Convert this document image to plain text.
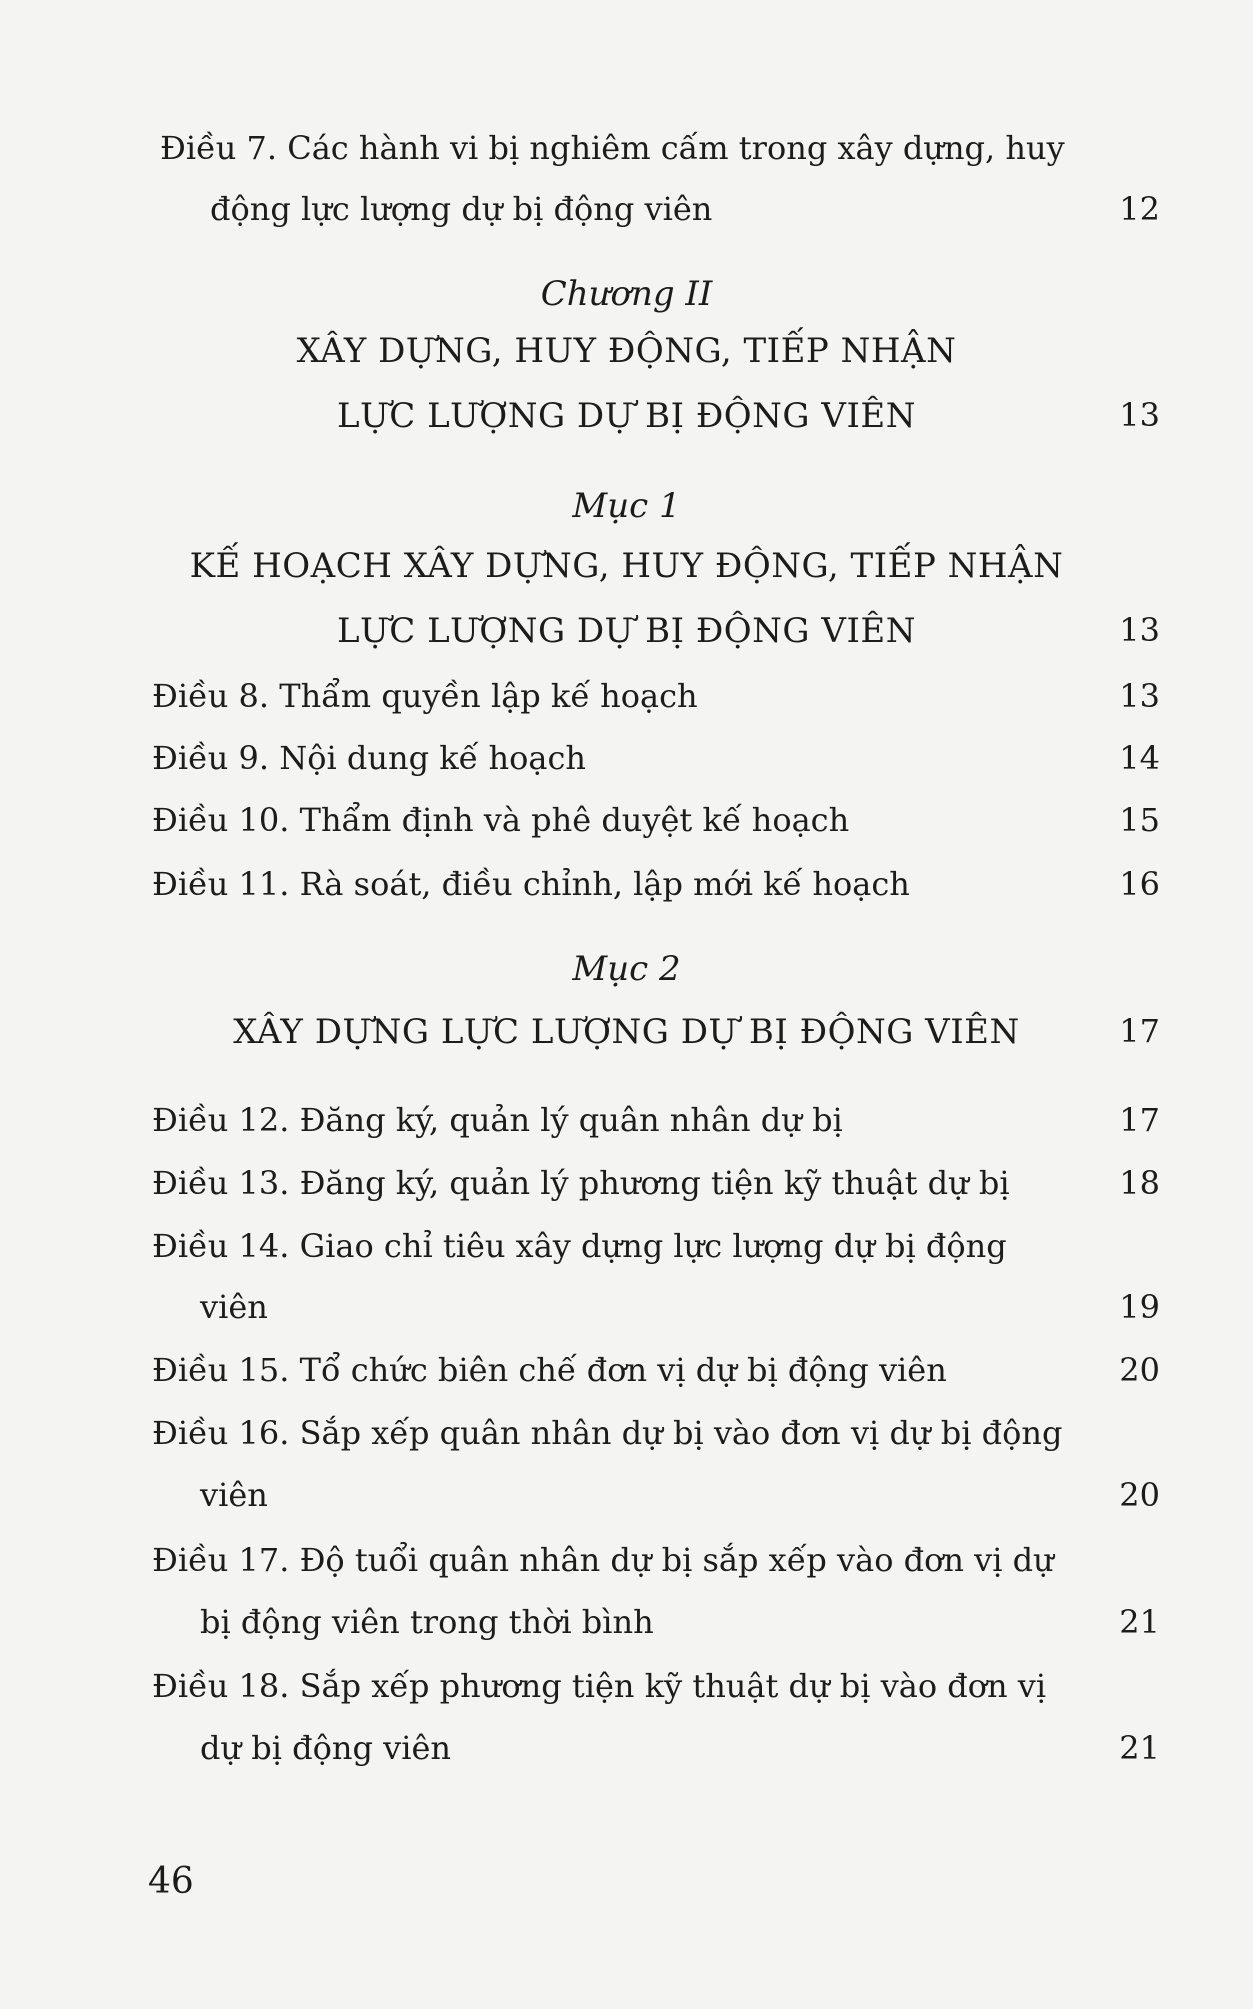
Điều 7. Các hành vi bị nghiêm cấm trong xây dựng, huy
động lực lượng dự bị động viên	12
Chương II
XÂY DỰNG, HUY ĐỘNG, TIẾP NHẬN
LỰC LƯỢNG DỰ BỊ ĐỘNG VIÊN	13
Mục 1
KẾ HOẠCH XÂY DỰNG, HUY ĐỘNG, TIẾP NHẬN
LỰC LƯỢNG DỰ BỊ ĐỘNG VIÊN	13
Điều 8. Thẩm quyền lập kế hoạch	13
Điều 9. Nội dung kế hoạch	14
Điều 10. Thẩm định và phê duyệt kế hoạch	15
Điều 11. Rà soát, điều chỉnh, lập mới kế hoạch	16
Mục 2
XÂY DỰNG LỰC LƯỢNG DỰ BỊ ĐỘNG VIÊN	17
Điều 12. Đăng ký, quản lý quân nhân dự bị	17
Điều 13. Đăng ký, quản lý phương tiện kỹ thuật dự bị	18
Điều 14. Giao chỉ tiêu xây dựng lực lượng dự bị động
viên	19
Điều 15. Tổ chức biên chế đơn vị dự bị động viên	20
Điều 16. Sắp xếp quân nhân dự bị vào đơn vị dự bị động
viên	20
Điều 17. Độ tuổi quân nhân dự bị sắp xếp vào đơn vị dự
bị động viên trong thời bình	21
Điều 18. Sắp xếp phương tiện kỹ thuật dự bị vào đơn vị
dự bị động viên	21
46
